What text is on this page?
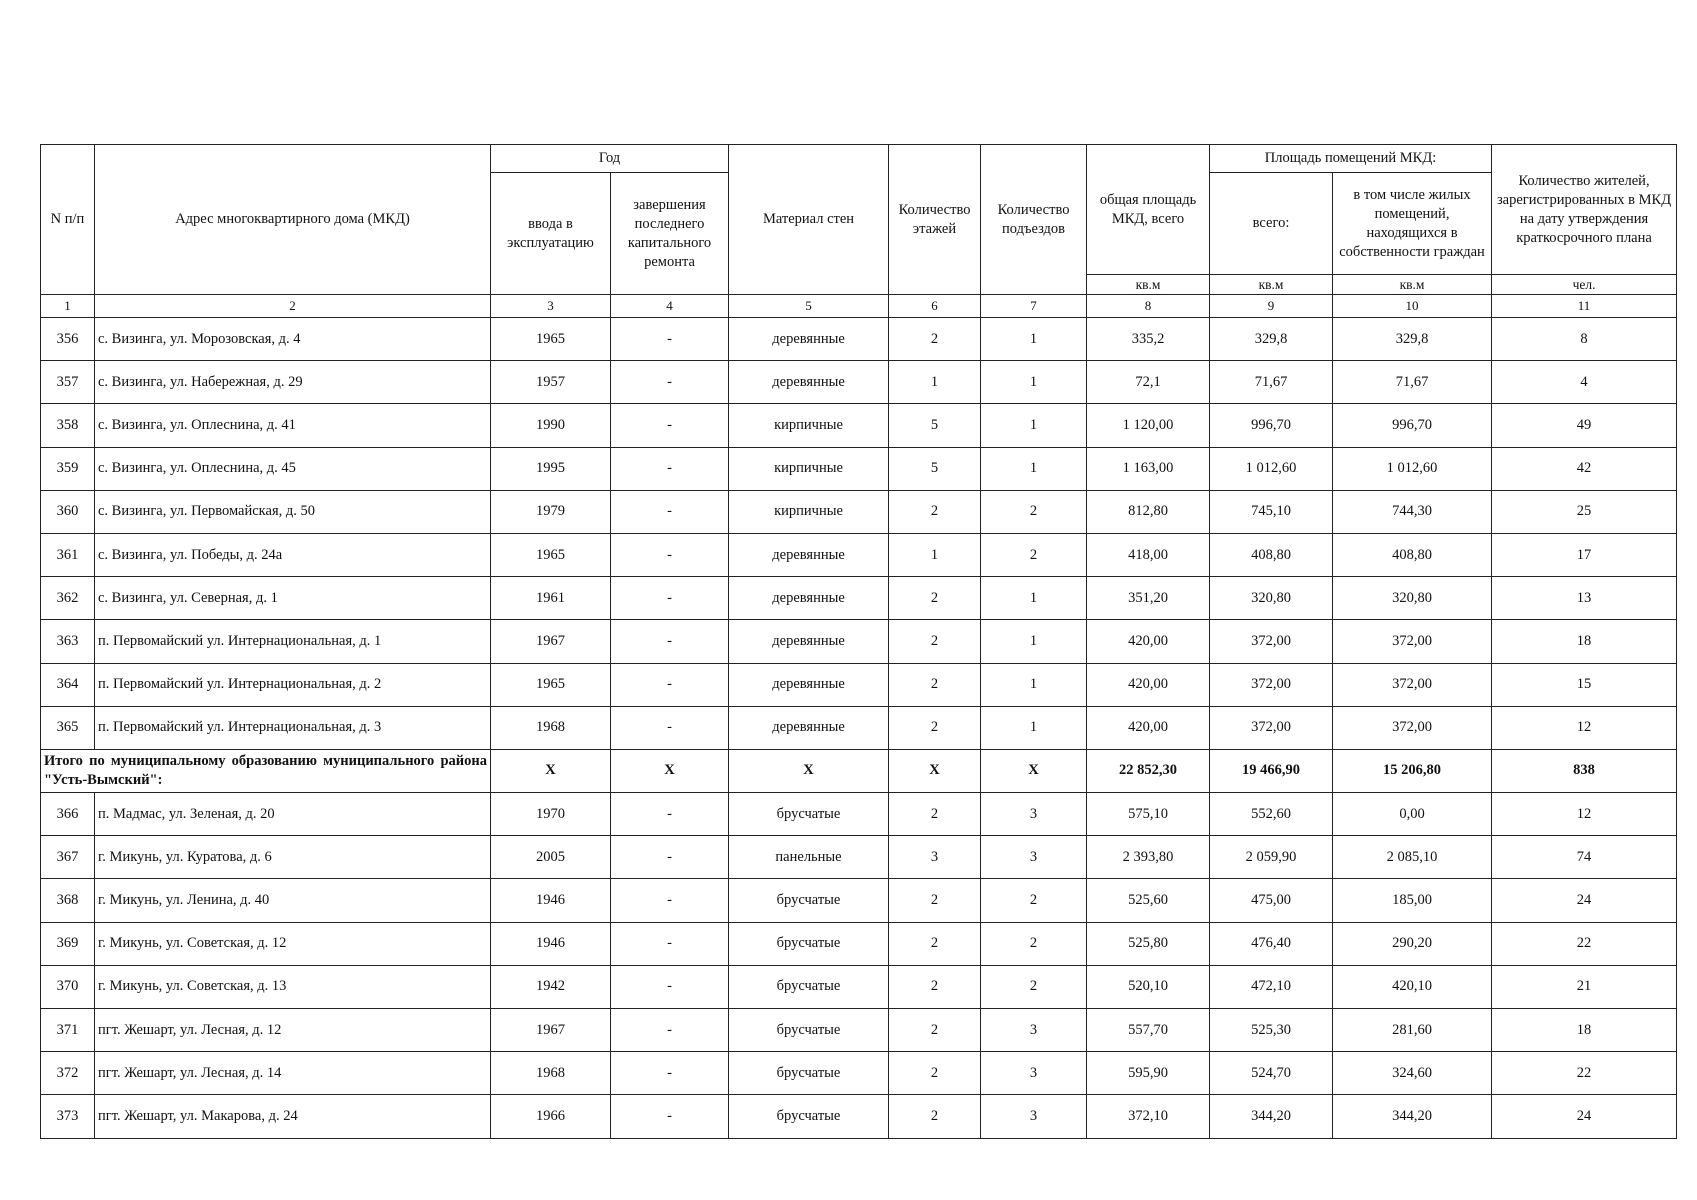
N п/п	Адрес многоквартирного дома (МКД)	Год		Материал стен	Количество этажей	Количество подъездов	общая площадь МКД, всего	Площадь помещений МКД:		Количество жителей, зарегистрированных в МКД на дату утверждения краткосрочного плана
		ввода в эксплуатацию	завершения последнего капитального ремонта					всего:	в том числе жилых помещений, находящихся в собственности граждан	
							кв.м	кв.м	кв.м	чел.
1	2	3	4	5	6	7	8	9	10	11
356	с. Визинга, ул. Морозовская, д. 4	1965	-	деревянные	2	1	335,2	329,8	329,8	8
357	с. Визинга, ул. Набережная, д. 29	1957	-	деревянные	1	1	72,1	71,67	71,67	4
358	с. Визинга, ул. Оплеснина, д. 41	1990	-	кирпичные	5	1	1 120,00	996,70	996,70	49
359	с. Визинга, ул. Оплеснина, д. 45	1995	-	кирпичные	5	1	1 163,00	1 012,60	1 012,60	42
360	с. Визинга, ул. Первомайская, д. 50	1979	-	кирпичные	2	2	812,80	745,10	744,30	25
361	с. Визинга, ул. Победы, д. 24а	1965	-	деревянные	1	2	418,00	408,80	408,80	17
362	с. Визинга, ул. Северная, д. 1	1961	-	деревянные	2	1	351,20	320,80	320,80	13
363	п. Первомайский ул. Интернациональная, д. 1	1967	-	деревянные	2	1	420,00	372,00	372,00	18
364	п. Первомайский ул. Интернациональная, д. 2	1965	-	деревянные	2	1	420,00	372,00	372,00	15
365	п. Первомайский ул. Интернациональная, д. 3	1968	-	деревянные	2	1	420,00	372,00	372,00	12
Итого по муниципальному образованию муниципального района "Усть-Вымский":		X	X	X	X	X	22 852,30	19 466,90	15 206,80	838
366	п. Мадмас, ул. Зеленая, д. 20	1970	-	брусчатые	2	3	575,10	552,60	0,00	12
367	г. Микунь, ул. Куратова, д. 6	2005	-	панельные	3	3	2 393,80	2 059,90	2 085,10	74
368	г. Микунь, ул. Ленина, д. 40	1946	-	брусчатые	2	2	525,60	475,00	185,00	24
369	г. Микунь, ул. Советская, д. 12	1946	-	брусчатые	2	2	525,80	476,40	290,20	22
370	г. Микунь, ул. Советская, д. 13	1942	-	брусчатые	2	2	520,10	472,10	420,10	21
371	пгт. Жешарт, ул. Лесная, д. 12	1967	-	брусчатые	2	3	557,70	525,30	281,60	18
372	пгт. Жешарт, ул. Лесная, д. 14	1968	-	брусчатые	2	3	595,90	524,70	324,60	22
373	пгт. Жешарт, ул. Макарова, д. 24	1966	-	брусчатые	2	3	372,10	344,20	344,20	24
